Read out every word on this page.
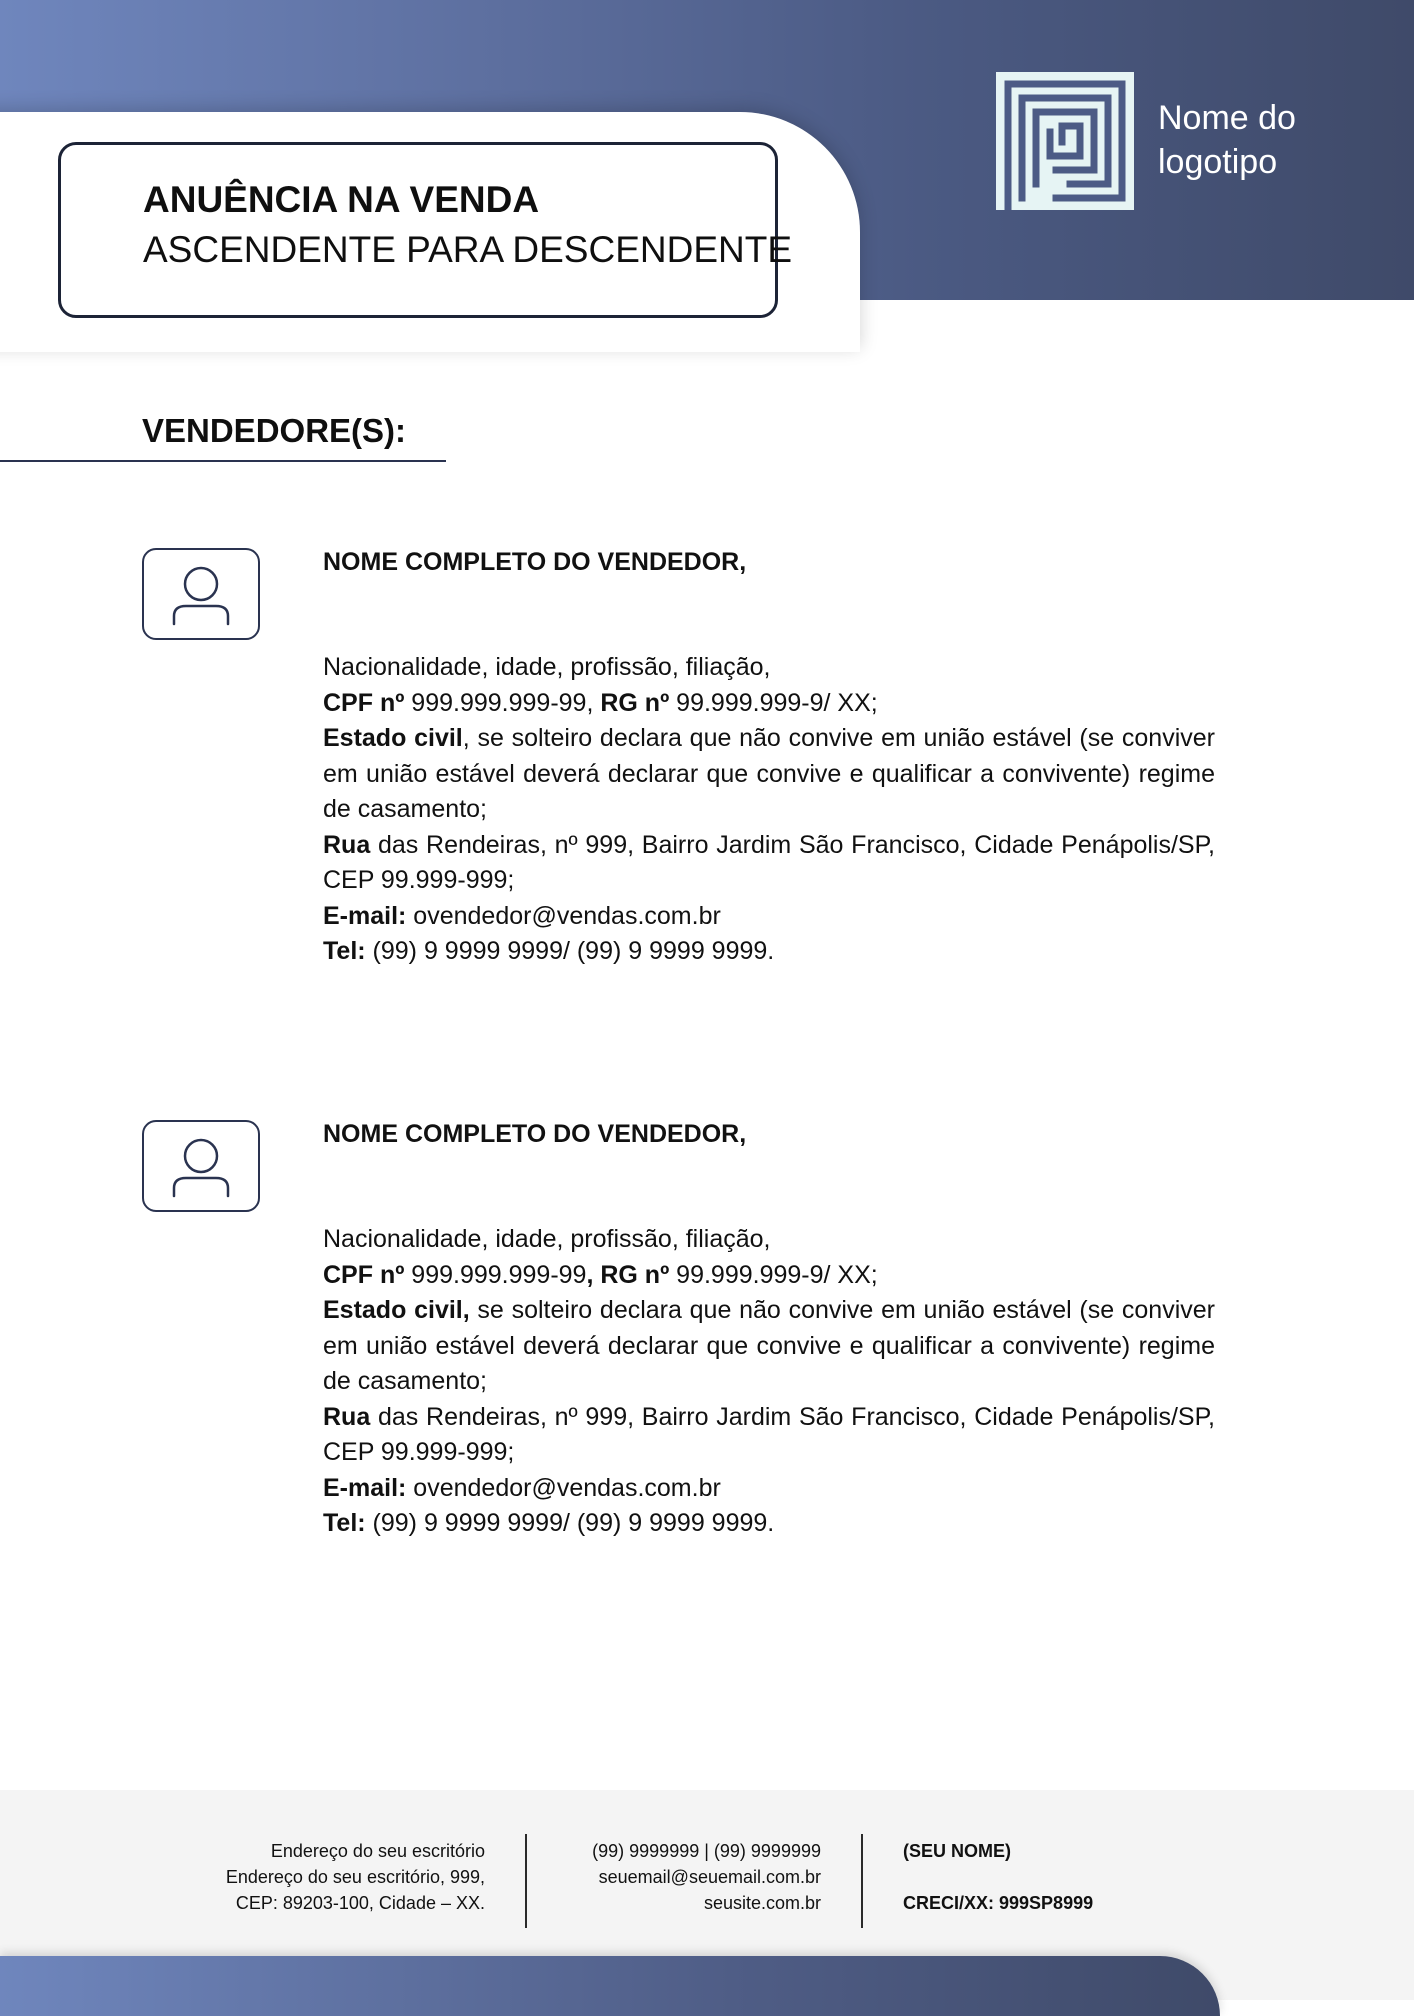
ANUÊNCIA NA VENDA
ASCENDENTE PARA DESCENDENTE
Nome do
logotipo
VENDEDORE(S):
NOME COMPLETO DO VENDEDOR,

Nacionalidade, idade, profissão, filiação,

CPF nº 999.999.999-99, RG nº 99.999.999-9/ XX;

Estado civil, se solteiro declara que não convive em união estável (se conviver em união estável deverá declarar que convive e qualificar a convivente) regime de casamento;

Rua das Rendeiras, nº 999, Bairro Jardim São Francisco, Cidade Penápolis/SP, CEP 99.999-999;

E-mail: ovendedor@vendas.com.br

Tel: (99) 9 9999 9999/ (99) 9 9999 9999.

NOME COMPLETO DO VENDEDOR,

Nacionalidade, idade, profissão, filiação,

CPF nº 999.999.999-99, RG nº 99.999.999-9/ XX;

Estado civil, se solteiro declara que não convive em união estável (se conviver em união estável deverá declarar que convive e qualificar a convivente) regime de casamento;

Rua das Rendeiras, nº 999, Bairro Jardim São Francisco, Cidade Penápolis/SP, CEP 99.999-999;

E-mail: ovendedor@vendas.com.br

Tel: (99) 9 9999 9999/ (99) 9 9999 9999.

Endereço do seu escritório
Endereço do seu escritório, 999,
CEP: 89203-100, Cidade – XX.
(99) 9999999 | (99) 9999999
seuemail@seuemail.com.br
seusite.com.br
(SEU NOME)
CRECI/XX: 999SP8999
